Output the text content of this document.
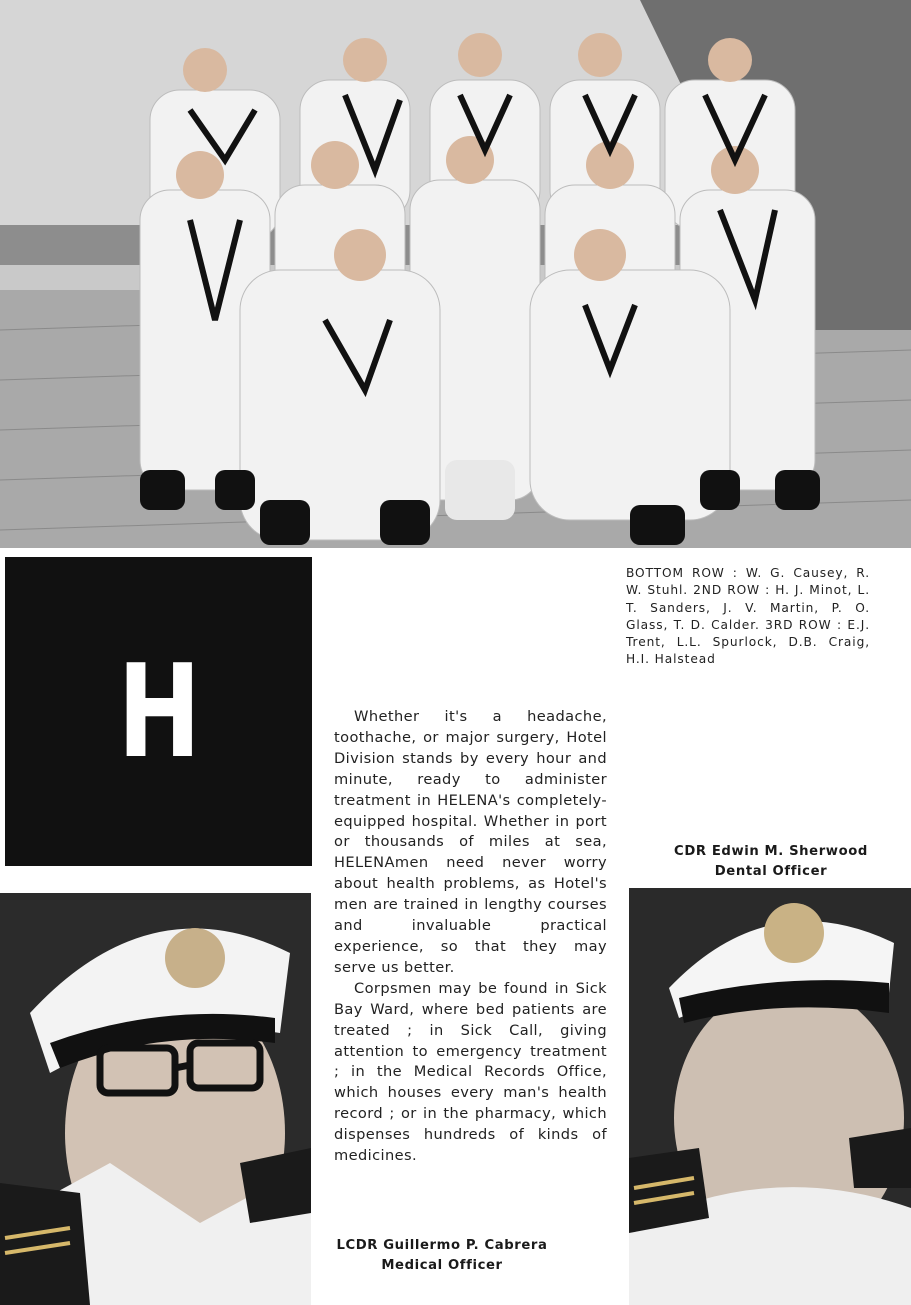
H
BOTTOM ROW : W. G. Causey, R. W. Stuhl. 2ND ROW : H. J. Minot, L. T. Sanders, J. V. Martin, P. O. Glass, T. D. Calder. 3RD ROW : E.J. Trent, L.L. Spurlock, D.B. Craig, H.I. Halstead

Whether it's a headache, toothache, or major surgery, Hotel Division stands by every hour and minute, ready to administer treatment in HELENA's completely-equipped hospital. Whether in port or thousands of miles at sea, HELENAmen need never worry about health problems, as Hotel's men are trained in lengthy courses and invaluable practical experience, so that they may serve us better.

Corpsmen may be found in Sick Bay Ward, where bed patients are treated ; in Sick Call, giving attention to emergency treatment ; in the Medical Records Office, which houses every man's health record ; or in the pharmacy, which dispenses hundreds of kinds of medicines.

CDR Edwin M. Sherwood
Dental Officer
LCDR Guillermo P. Cabrera
Medical Officer
